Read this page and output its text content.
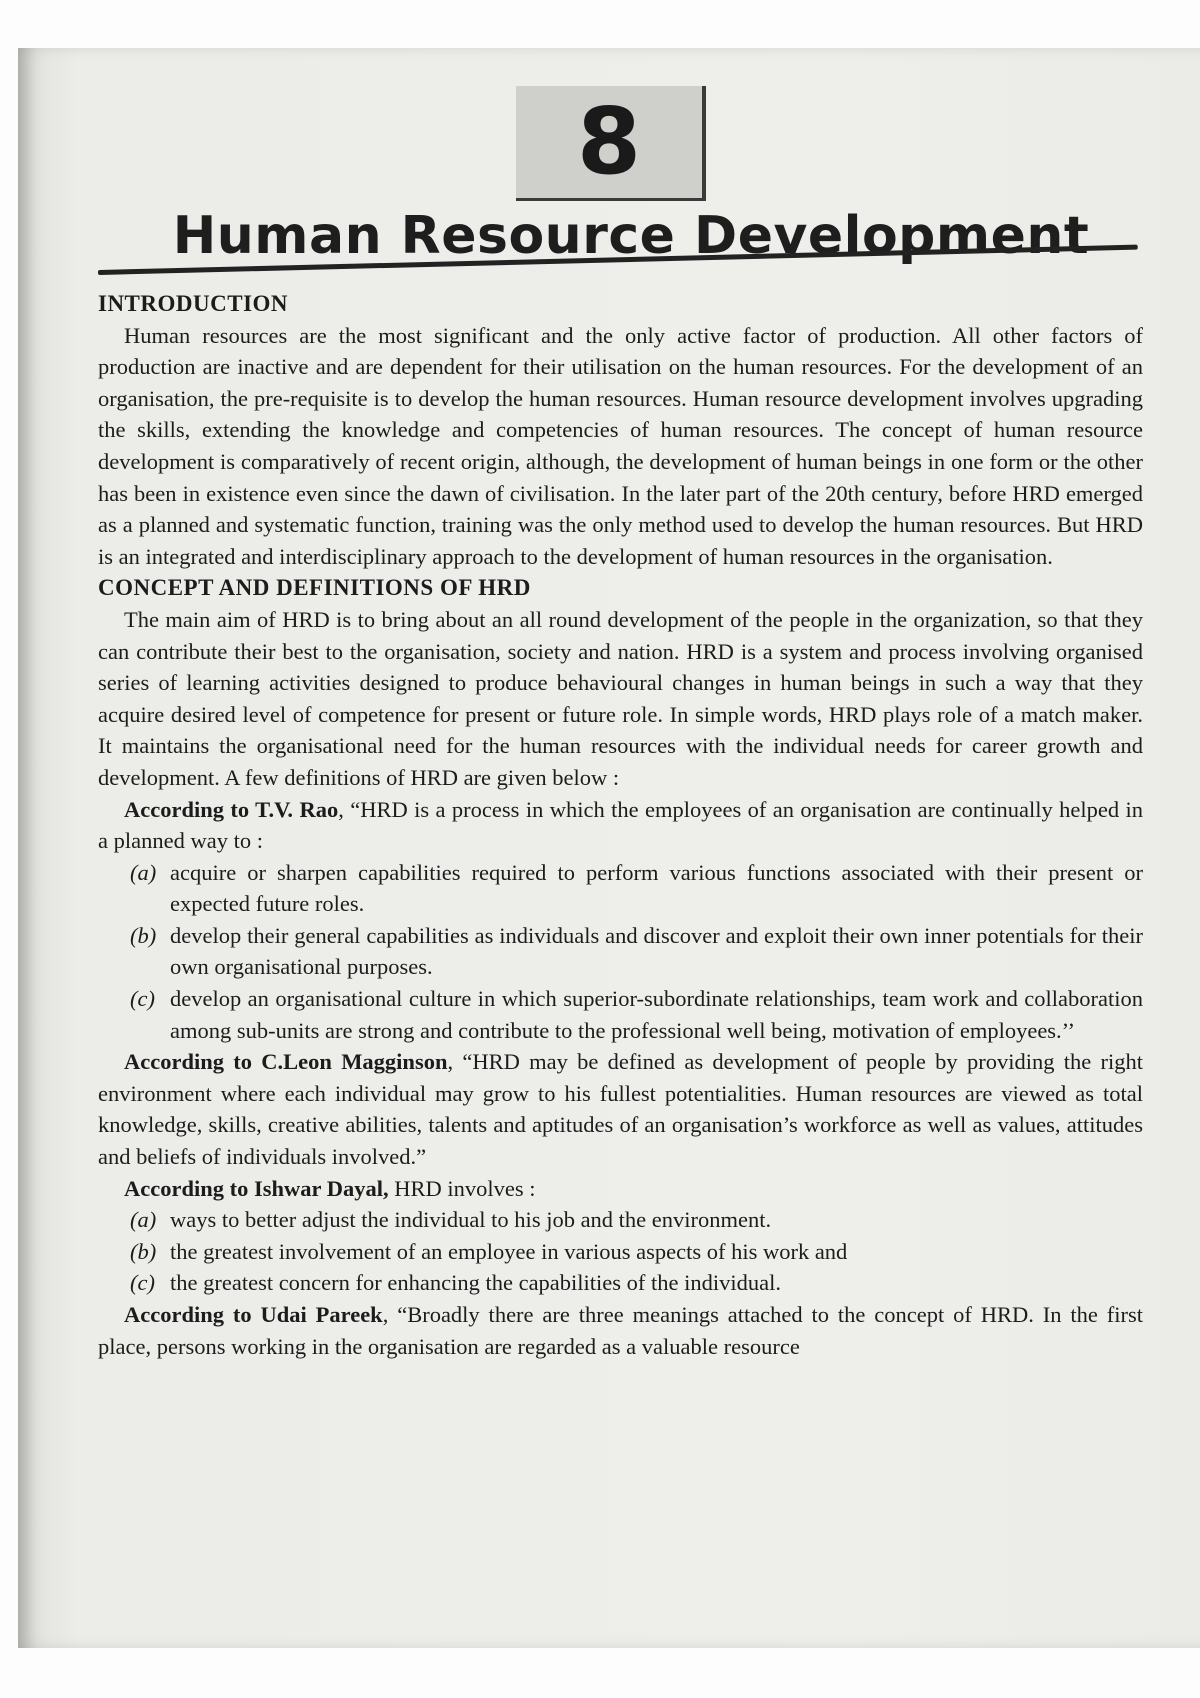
8
Human Resource Development

INTRODUCTION

Human resources are the most significant and the only active factor of production. All other factors of production are inactive and are dependent for their utilisation on the human resources. For the development of an organisation, the pre-requisite is to develop the human resources. Human resource development involves upgrading the skills, extending the knowledge and competencies of human resources. The concept of human resource development is comparatively of recent origin, although, the development of human beings in one form or the other has been in existence even since the dawn of civilisation. In the later part of the 20th century, before HRD emerged as a planned and systematic function, training was the only method used to develop the human resources. But HRD is an integrated and interdisciplinary approach to the development of human resources in the organisation.

CONCEPT AND DEFINITIONS OF HRD

The main aim of HRD is to bring about an all round development of the people in the organization, so that they can contribute their best to the organisation, society and nation. HRD is a system and process involving organised series of learning activities designed to produce behavioural changes in human beings in such a way that they acquire desired level of competence for present or future role. In simple words, HRD plays role of a match maker. It maintains the organisational need for the human resources with the individual needs for career growth and development. A few definitions of HRD are given below :

According to T.V. Rao, “HRD is a process in which the employees of an organisation are continually helped in a planned way to :

(a) acquire or sharpen capabilities required to perform various functions associated with their present or expected future roles.
(b) develop their general capabilities as individuals and discover and exploit their own inner potentials for their own organisational purposes.
(c) develop an organisational culture in which superior-subordinate relationships, team work and collaboration among sub-units are strong and contribute to the professional well being, motivation of employees.’’

According to C.Leon Magginson, “HRD may be defined as development of people by providing the right environment where each individual may grow to his fullest potentialities. Human resources are viewed as total knowledge, skills, creative abilities, talents and aptitudes of an organisation’s workforce as well as values, attitudes and beliefs of individuals involved.”

According to Ishwar Dayal, HRD involves :

(a) ways to better adjust the individual to his job and the environment.
(b) the greatest involvement of an employee in various aspects of his work and
(c) the greatest concern for enhancing the capabilities of the individual.

According to Udai Pareek, “Broadly there are three meanings attached to the concept of HRD. In the first place, persons working in the organisation are regarded as a valuable resource
